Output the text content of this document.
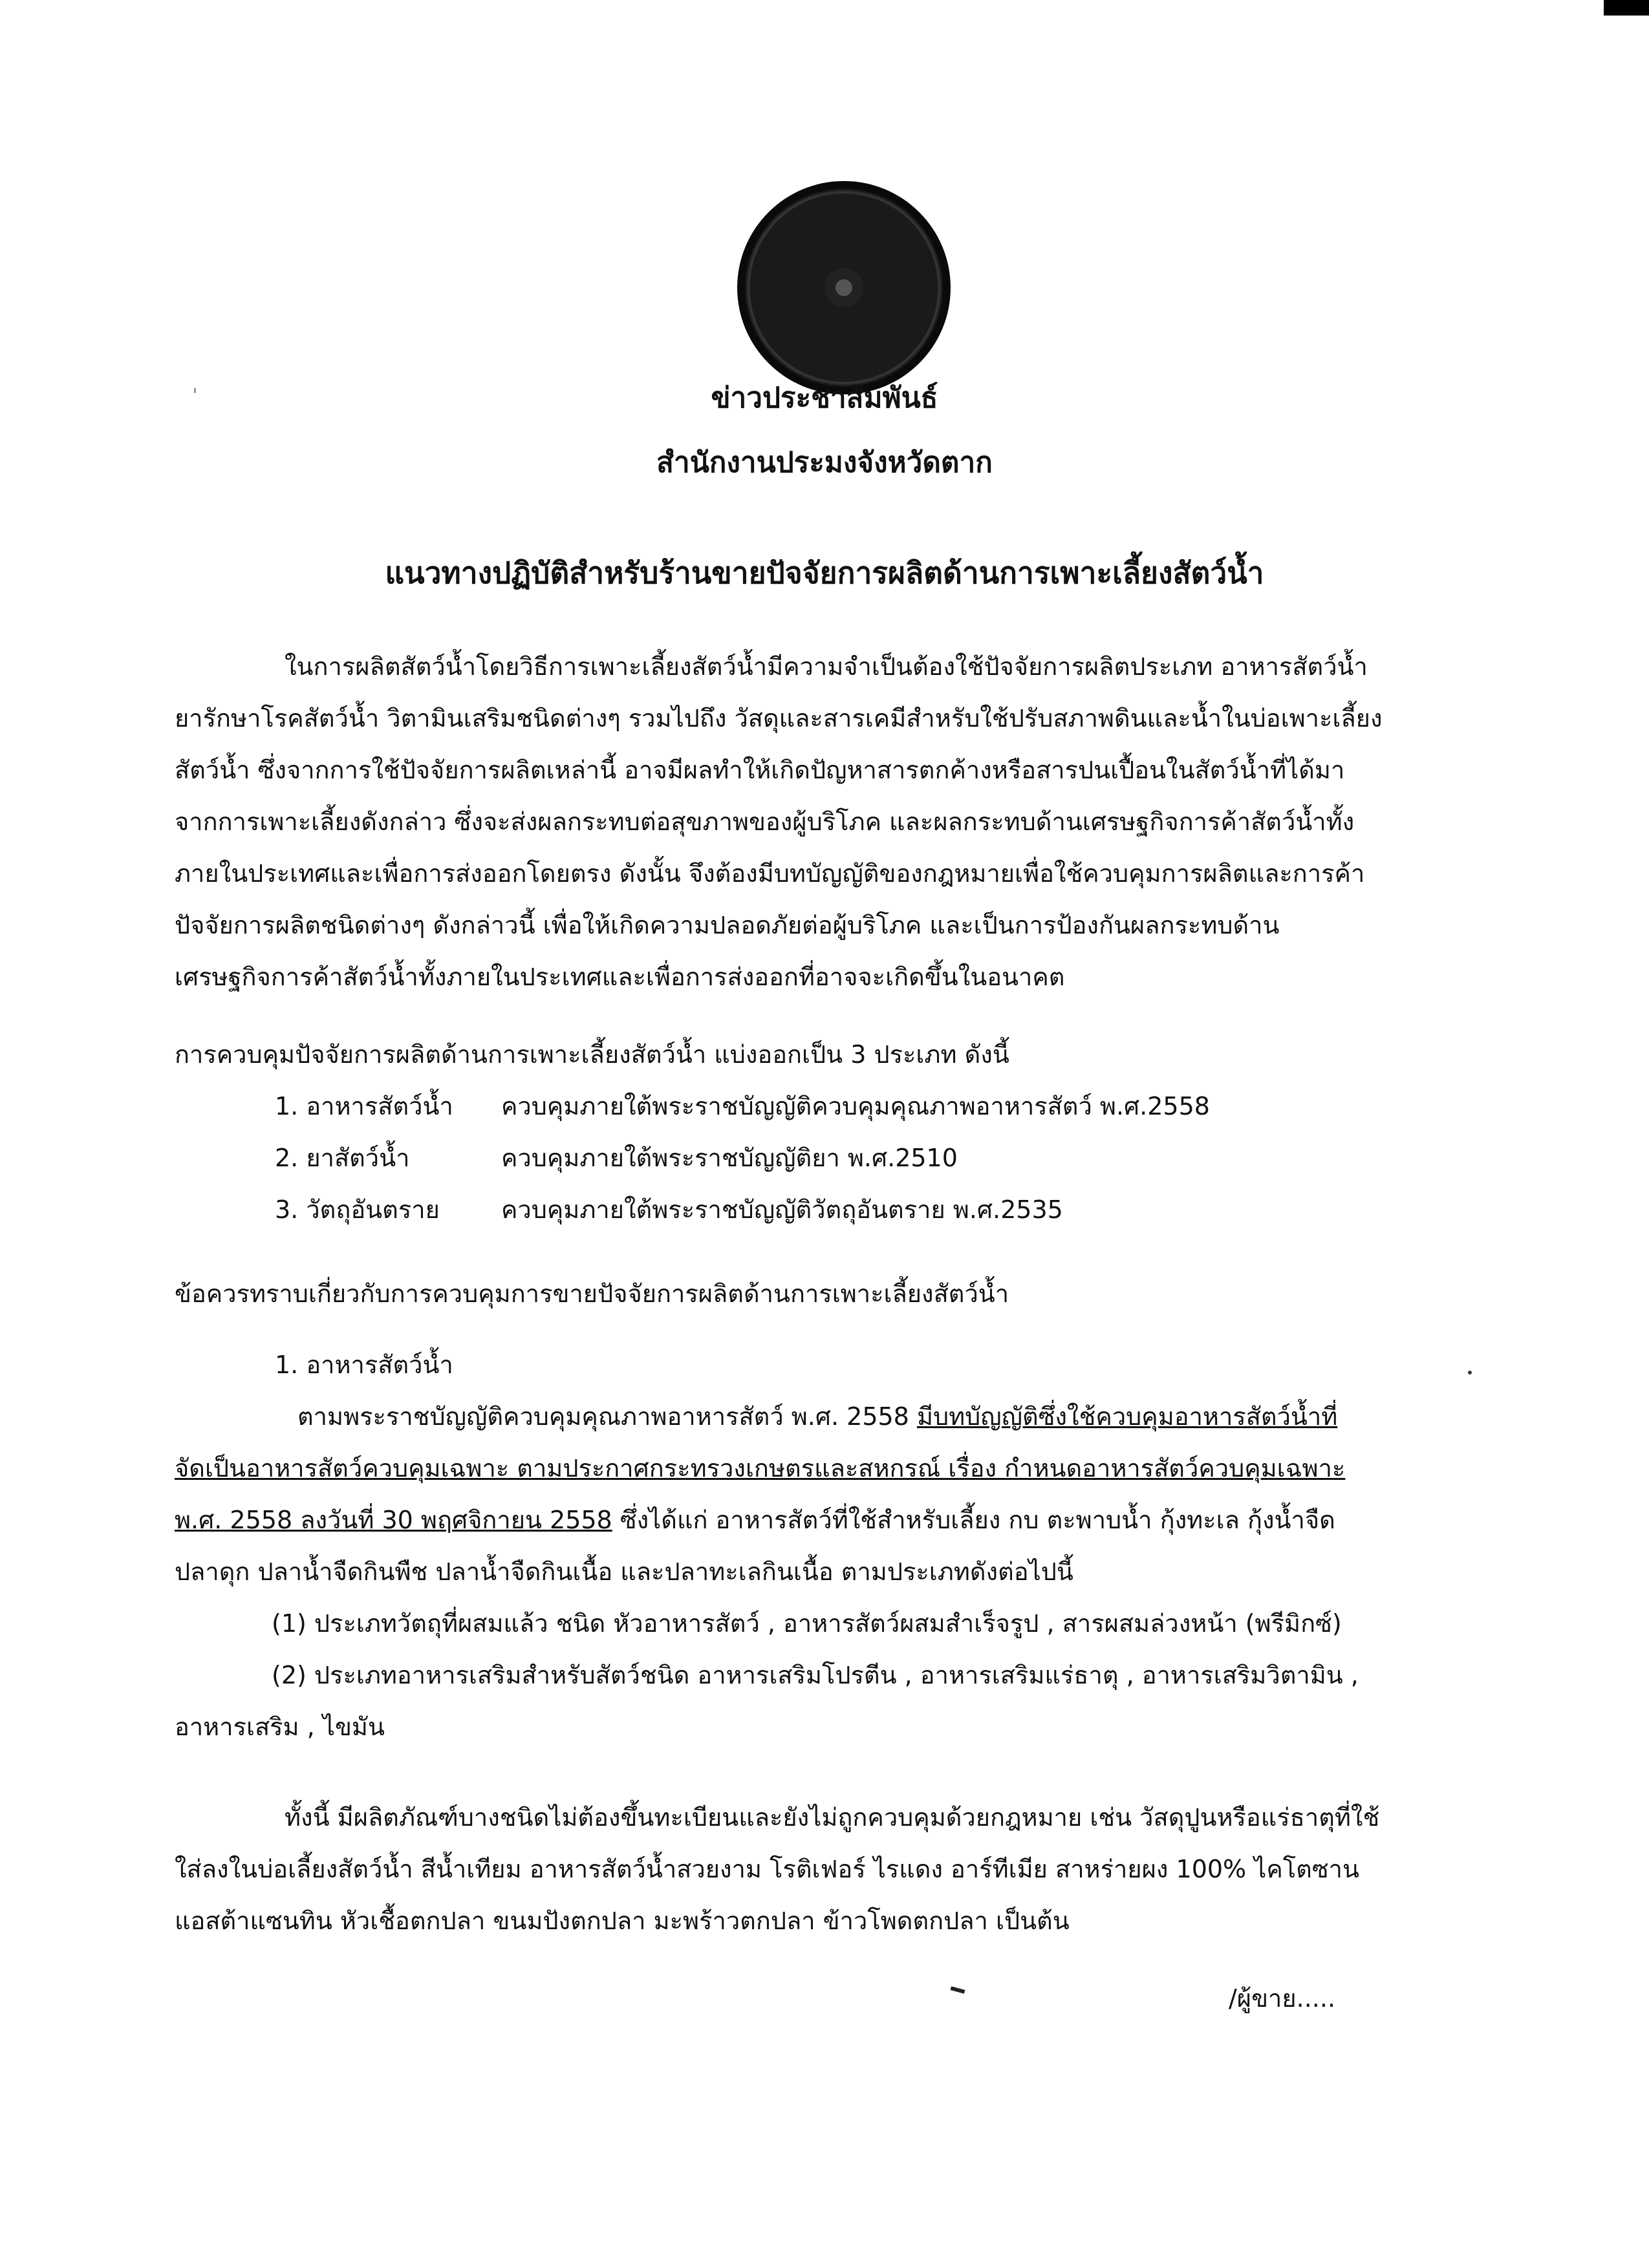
ข่าวประชาสัมพันธ์
สำนักงานประมงจังหวัดตาก
แนวทางปฏิบัติสำหรับร้านขายปัจจัยการผลิตด้านการเพาะเลี้ยงสัตว์น้ำ
ในการผลิตสัตว์น้ำโดยวิธีการเพาะเลี้ยงสัตว์น้ำมีความจำเป็นต้องใช้ปัจจัยการผลิตประเภท อาหารสัตว์น้ำ
ยารักษาโรคสัตว์น้ำ วิตามินเสริมชนิดต่างๆ รวมไปถึง วัสดุและสารเคมีสำหรับใช้ปรับสภาพดินและน้ำในบ่อเพาะเลี้ยง
สัตว์น้ำ ซึ่งจากการใช้ปัจจัยการผลิตเหล่านี้ อาจมีผลทำให้เกิดปัญหาสารตกค้างหรือสารปนเปื้อนในสัตว์น้ำที่ได้มา
จากการเพาะเลี้ยงดังกล่าว ซึ่งจะส่งผลกระทบต่อสุขภาพของผู้บริโภค และผลกระทบด้านเศรษฐกิจการค้าสัตว์น้ำทั้ง
ภายในประเทศและเพื่อการส่งออกโดยตรง ดังนั้น จึงต้องมีบทบัญญัติของกฎหมายเพื่อใช้ควบคุมการผลิตและการค้า
ปัจจัยการผลิตชนิดต่างๆ ดังกล่าวนี้ เพื่อให้เกิดความปลอดภัยต่อผู้บริโภค และเป็นการป้องกันผลกระทบด้าน
เศรษฐกิจการค้าสัตว์น้ำทั้งภายในประเทศและเพื่อการส่งออกที่อาจจะเกิดขึ้นในอนาคต
การควบคุมปัจจัยการผลิตด้านการเพาะเลี้ยงสัตว์น้ำ แบ่งออกเป็น 3 ประเภท ดังนี้
1. อาหารสัตว์น้ำ ควบคุมภายใต้พระราชบัญญัติควบคุมคุณภาพอาหารสัตว์ พ.ศ.2558
2. ยาสัตว์น้ำ	ควบคุมภายใต้พระราชบัญญัติยา พ.ศ.2510
3. วัตถุอันตราย	ควบคุมภายใต้พระราชบัญญัติวัตถุอันตราย พ.ศ.2535
ข้อควรทราบเกี่ยวกับการควบคุมการขายปัจจัยการผลิตด้านการเพาะเลี้ยงสัตว์น้ำ
1. อาหารสัตว์น้ำ
ตามพระราชบัญญัติควบคุมคุณภาพอาหารสัตว์ พ.ศ. 2558 มีบทบัญญัติซึ่งใช้ควบคุมอาหารสัตว์น้ำที่
จัดเป็นอาหารสัตว์ควบคุมเฉพาะ ตามประกาศกระทรวงเกษตรและสหกรณ์ เรื่อง กำหนดอาหารสัตว์ควบคุมเฉพาะ
พ.ศ. 2558 ลงวันที่ 30 พฤศจิกายน 2558 ซึ่งได้แก่ อาหารสัตว์ที่ใช้สำหรับเลี้ยง กบ ตะพาบน้ำ กุ้งทะเล กุ้งน้ำจืด
ปลาดุก ปลาน้ำจืดกินพืช ปลาน้ำจืดกินเนื้อ และปลาทะเลกินเนื้อ ตามประเภทดังต่อไปนี้
(1) ประเภทวัตถุที่ผสมแล้ว ชนิด หัวอาหารสัตว์ , อาหารสัตว์ผสมสำเร็จรูป , สารผสมล่วงหน้า (พรีมิกซ์)
(2) ประเภทอาหารเสริมสำหรับสัตว์ชนิด อาหารเสริมโปรตีน , อาหารเสริมแร่ธาตุ , อาหารเสริมวิตามิน ,
อาหารเสริม , ไขมัน
ทั้งนี้ มีผลิตภัณฑ์บางชนิดไม่ต้องขึ้นทะเบียนและยังไม่ถูกควบคุมด้วยกฎหมาย เช่น วัสดุปูนหรือแร่ธาตุที่ใช้
ใส่ลงในบ่อเลี้ยงสัตว์น้ำ สีน้ำเทียม อาหารสัตว์น้ำสวยงาม โรติเฟอร์ ไรแดง อาร์ทีเมีย สาหร่ายผง 100% ไคโตซาน
แอสต้าแซนทิน หัวเชื้อตกปลา ขนมปังตกปลา มะพร้าวตกปลา ข้าวโพดตกปลา เป็นต้น
/ผู้ขาย.....
